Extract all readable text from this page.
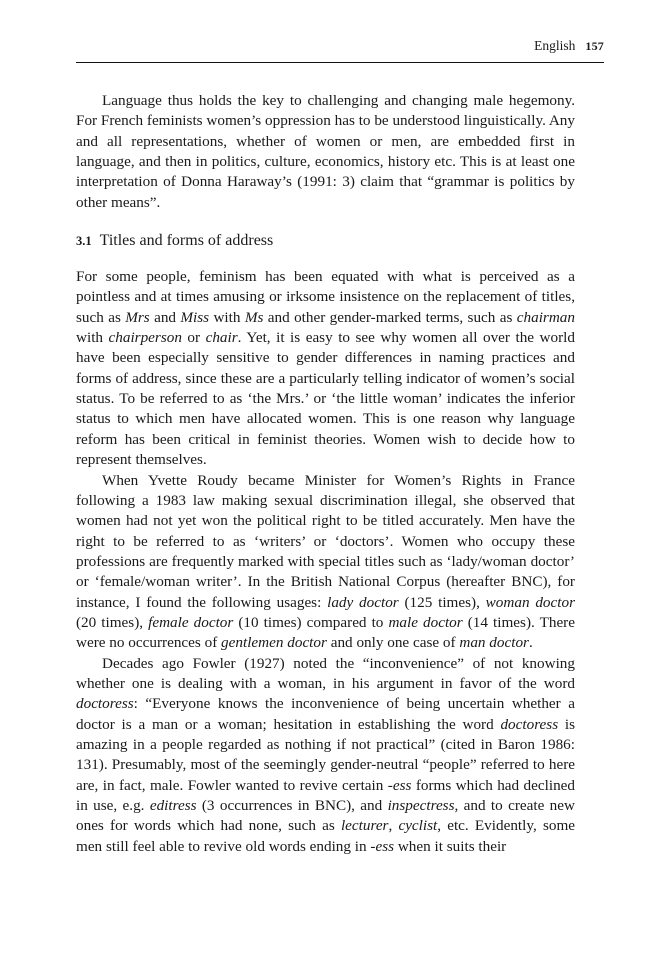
English 157

Language thus holds the key to challenging and changing male hegemony. For French feminists women’s oppression has to be understood linguistically. Any and all representations, whether of women or men, are embedded first in language, and then in politics, culture, economics, history etc. This is at least one interpretation of Donna Haraway’s (1991: 3) claim that “grammar is politics by other means”.

3.1 Titles and forms of address

For some people, feminism has been equated with what is perceived as a pointless and at times amusing or irksome insistence on the replacement of titles, such as Mrs and Miss with Ms and other gender-marked terms, such as chairman with chairperson or chair. Yet, it is easy to see why women all over the world have been especially sensitive to gender differences in naming practices and forms of address, since these are a particularly telling indicator of women’s social status. To be referred to as ‘the Mrs.’ or ‘the little woman’ indicates the inferior status to which men have allocated women. This is one reason why language reform has been critical in feminist theories. Women wish to decide how to represent themselves.

When Yvette Roudy became Minister for Women’s Rights in France following a 1983 law making sexual discrimination illegal, she observed that women had not yet won the political right to be titled accurately. Men have the right to be referred to as ‘writers’ or ‘doctors’. Women who occupy these professions are frequently marked with special titles such as ‘lady/woman doctor’ or ‘female/woman writer’. In the British National Corpus (hereafter BNC), for instance, I found the following usages: lady doctor (125 times), woman doctor (20 times), female doctor (10 times) compared to male doctor (14 times). There were no occurrences of gentlemen doctor and only one case of man doctor.

Decades ago Fowler (1927) noted the “inconvenience” of not knowing whether one is dealing with a woman, in his argument in favor of the word doctoress: “Everyone knows the inconvenience of being uncertain whether a doctor is a man or a woman; hesitation in establishing the word doctoress is amazing in a people regarded as nothing if not practical” (cited in Baron 1986: 131). Presumably, most of the seemingly gender-neutral “people” referred to here are, in fact, male. Fowler wanted to revive certain -ess forms which had declined in use, e.g. editress (3 occurrences in BNC), and inspectress, and to create new ones for words which had none, such as lecturer, cyclist, etc. Evidently, some men still feel able to revive old words ending in -ess when it suits their
